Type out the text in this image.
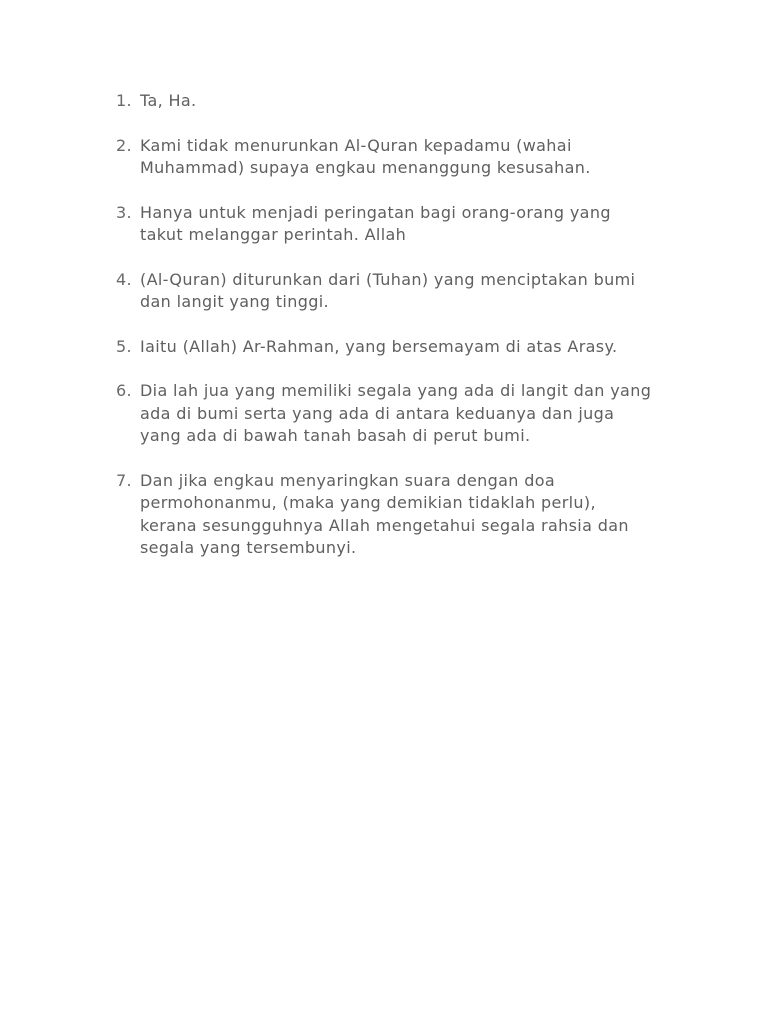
1. Ta, Ha.
2. Kami tidak menurunkan Al-Quran kepadamu (wahai
Muhammad) supaya engkau menanggung kesusahan.
3. Hanya untuk menjadi peringatan bagi orang-orang yang
takut melanggar perintah. Allah
4. (Al-Quran) diturunkan dari (Tuhan) yang menciptakan bumi
dan langit yang tinggi.
5. Iaitu (Allah) Ar-Rahman, yang bersemayam di atas Arasy.
6. Dia lah jua yang memiliki segala yang ada di langit dan yang
ada di bumi serta yang ada di antara keduanya dan juga
yang ada di bawah tanah basah di perut bumi.
7. Dan jika engkau menyaringkan suara dengan doa
permohonanmu, (maka yang demikian tidaklah perlu),
kerana sesungguhnya Allah mengetahui segala rahsia dan
segala yang tersembunyi.
